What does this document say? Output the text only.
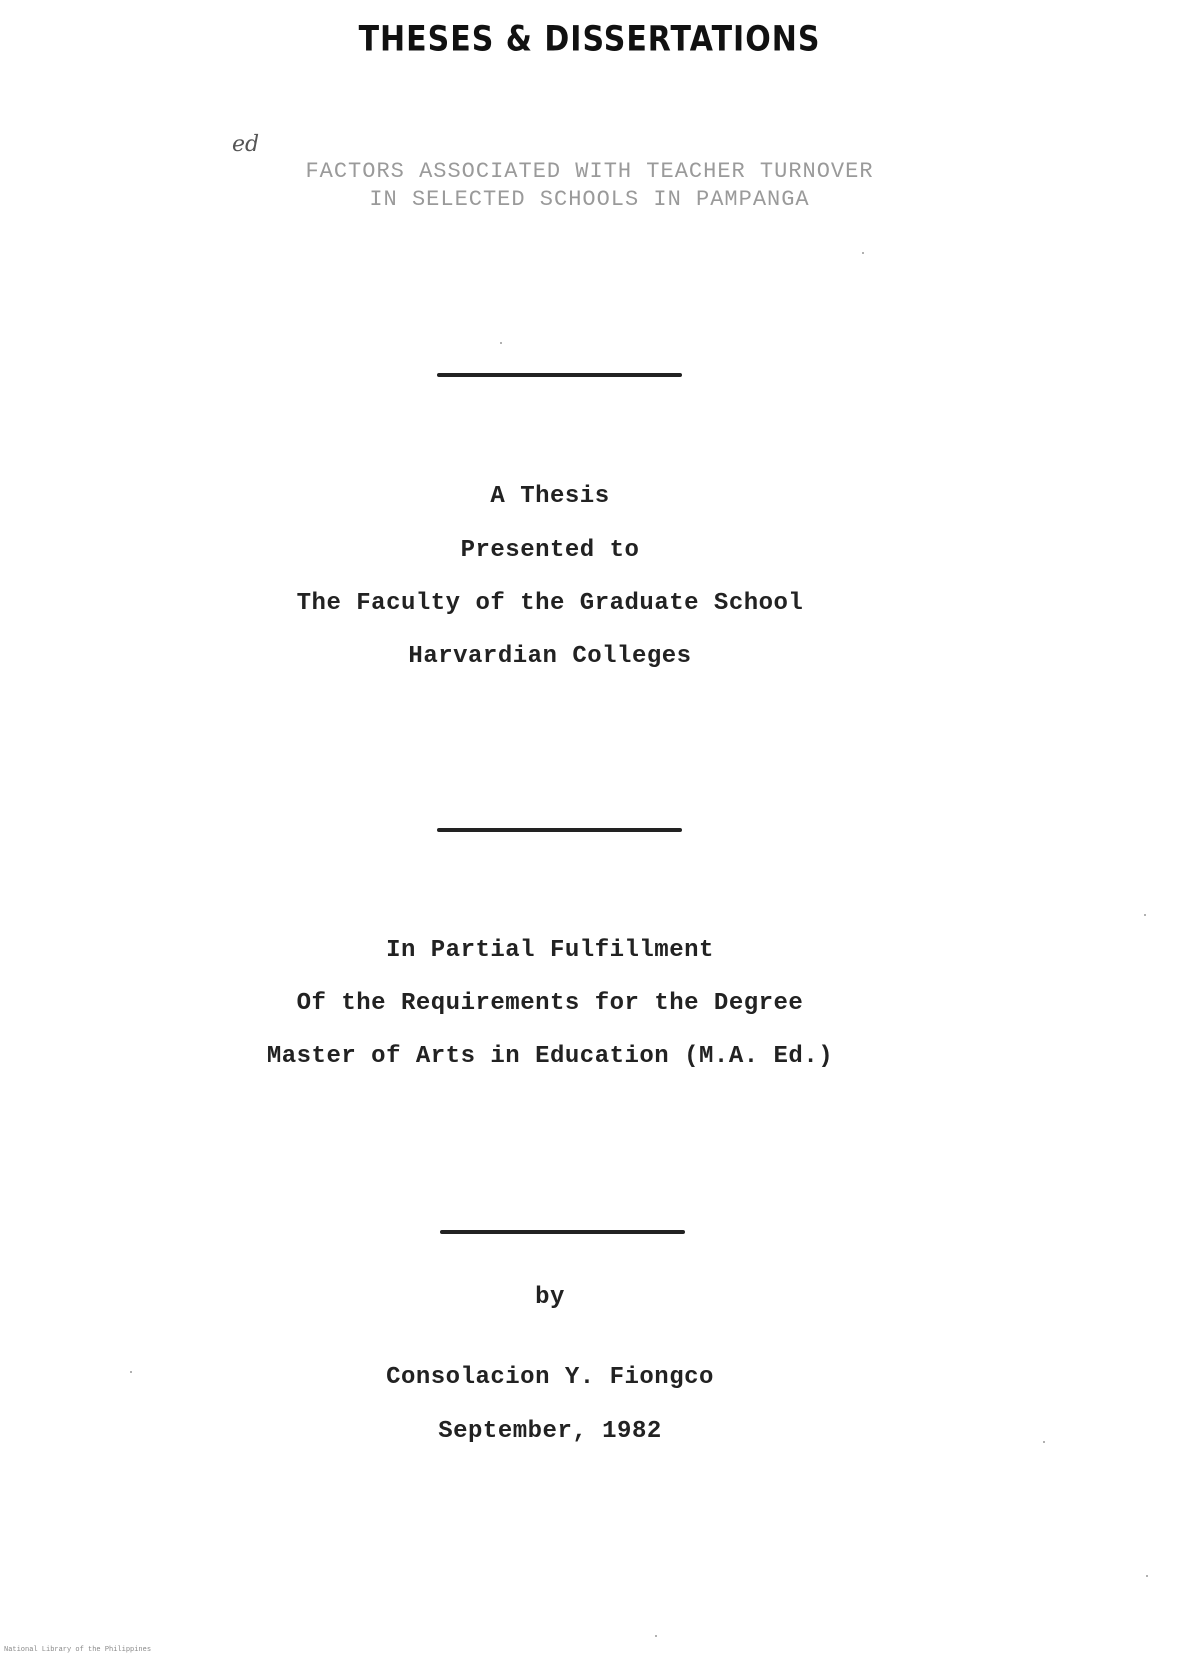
THESES & DISSERTATIONS
ed
FACTORS ASSOCIATED WITH TEACHER TURNOVER
IN SELECTED SCHOOLS IN PAMPANGA
A Thesis
Presented to
The Faculty of the Graduate School
Harvardian Colleges
In Partial Fulfillment
Of the Requirements for the Degree
Master of Arts in Education (M.A. Ed.)
by
Consolacion Y. Fiongco
September, 1982
National Library of the Philippines
